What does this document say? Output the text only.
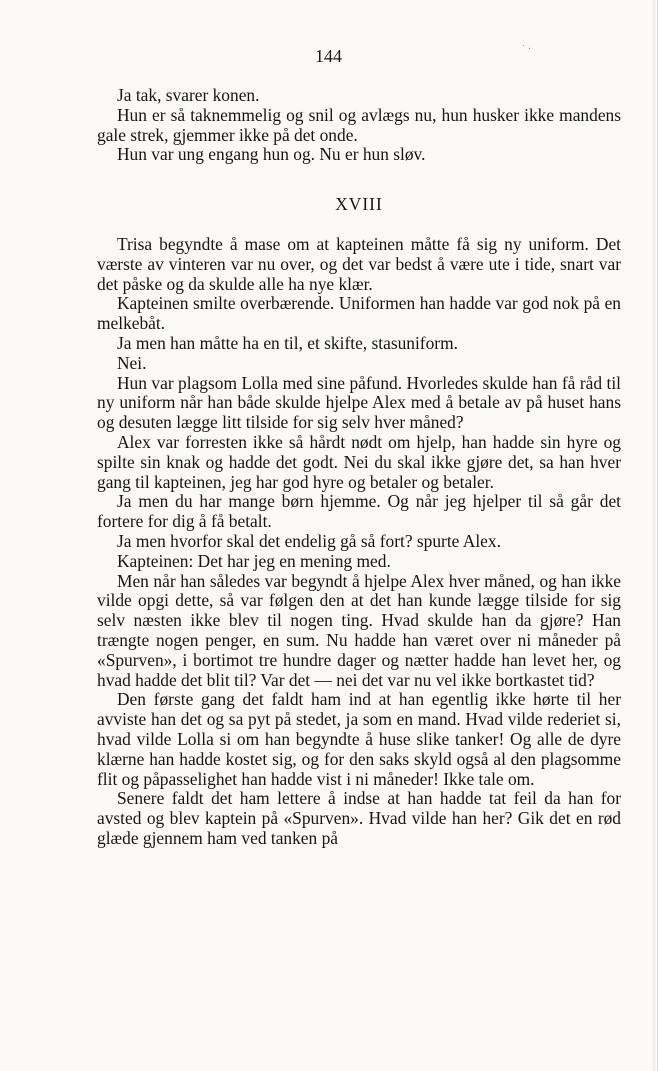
144	˙ ·

Ja tak, svarer konen.

Hun er så taknemmelig og snil og avlægs nu, hun husker ikke mandens gale strek, gjemmer ikke på det onde.

Hun var ung engang hun og. Nu er hun sløv.

XVIII

Trisa begyndte å mase om at kapteinen måtte få sig ny uniform. Det værste av vinteren var nu over, og det var bedst å være ute i tide, snart var det påske og da skulde alle ha nye klær.

Kapteinen smilte overbærende. Uniformen han hadde var god nok på en melkebåt.

Ja men han måtte ha en til, et skifte, stasuniform.

Nei.

Hun var plagsom Lolla med sine påfund. Hvorledes skulde han få råd til ny uniform når han både skulde hjelpe Alex med å betale av på huset hans og desuten lægge litt tilside for sig selv hver måned?

Alex var forresten ikke så hårdt nødt om hjelp, han hadde sin hyre og spilte sin knak og hadde det godt. Nei du skal ikke gjøre det, sa han hver gang til kapteinen, jeg har god hyre og betaler og betaler.

Ja men du har mange børn hjemme. Og når jeg hjelper til så går det fortere for dig å få betalt.

Ja men hvorfor skal det endelig gå så fort? spurte Alex.

Kapteinen: Det har jeg en mening med.

Men når han således var begyndt å hjelpe Alex hver måned, og han ikke vilde opgi dette, så var følgen den at det han kunde lægge tilside for sig selv næsten ikke blev til nogen ting. Hvad skulde han da gjøre? Han trængte nogen penger, en sum. Nu hadde han været over ni måneder på «Spurven», i bortimot tre hundre dager og nætter hadde han levet her, og hvad hadde det blit til? Var det — nei det var nu vel ikke bortkastet tid?

Den første gang det faldt ham ind at han egentlig ikke hørte til her avviste han det og sa pyt på stedet, ja som en mand. Hvad vilde rederiet si, hvad vilde Lolla si om han begyndte å huse slike tanker! Og alle de dyre klærne han hadde kostet sig, og for den saks skyld også al den plagsomme flit og påpasselighet han hadde vist i ni måneder! Ikke tale om.

Senere faldt det ham lettere å indse at han hadde tat feil da han for avsted og blev kaptein på «Spurven». Hvad vilde han her? Gik det en rød glæde gjennem ham ved tanken på
